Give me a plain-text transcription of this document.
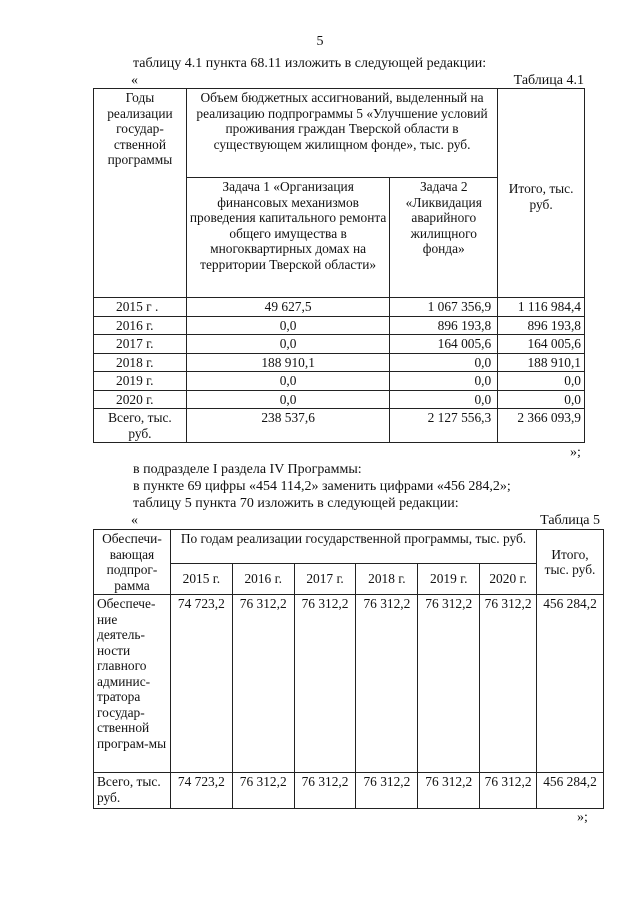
5
таблицу 4.1 пункта 68.11 изложить в следующей редакции:
«	Таблица 4.1
Годы реализации государ-ственной программы	Объем бюджетных ассигнований, выделенный на реализацию подпрограммы 5 «Улучшение условий проживания граждан Тверской области в существующем жилищном фонде», тыс. руб.		Итого, тыс. руб.

	Задача 1 «Организация финансовых механизмов проведения капитального ремонта общего имущества в многоквартирных домах на территории Тверской области»	Задача 2 «Ликвидация аварийного жилищного фонда»	
2015 г .	49 627,5	1 067 356,9	1 116 984,4
2016 г.	0,0	896 193,8	896 193,8
2017 г.	0,0	164 005,6	164 005,6
2018 г.	188 910,1	0,0	188 910,1
2019 г.	0,0	0,0	0,0
2020 г.	0,0	0,0	0,0
Всего, тыс. руб.	238 537,6	2 127 556,3	2 366 093,9
»;
в подразделе I раздела IV Программы:
в пункте 69 цифры «454 114,2» заменить цифрами «456 284,2»;
таблицу 5 пункта 70 изложить в следующей редакции:
«	Таблица 5
Обеспечи-вающая подпрог-рамма	По годам реализации государственной программы, тыс. руб.						Итого, тыс. руб.
	2015 г.	2016 г.	2017 г.	2018 г.	2019 г.	2020 г.	
Обеспече-ние деятель-ности главного админис-тратора государ-ственной програм-мы	74 723,2	76 312,2	76 312,2	76 312,2	76 312,2	76 312,2	456 284,2
Всего, тыс. руб.	74 723,2	76 312,2	76 312,2	76 312,2	76 312,2	76 312,2	456 284,2
»;
